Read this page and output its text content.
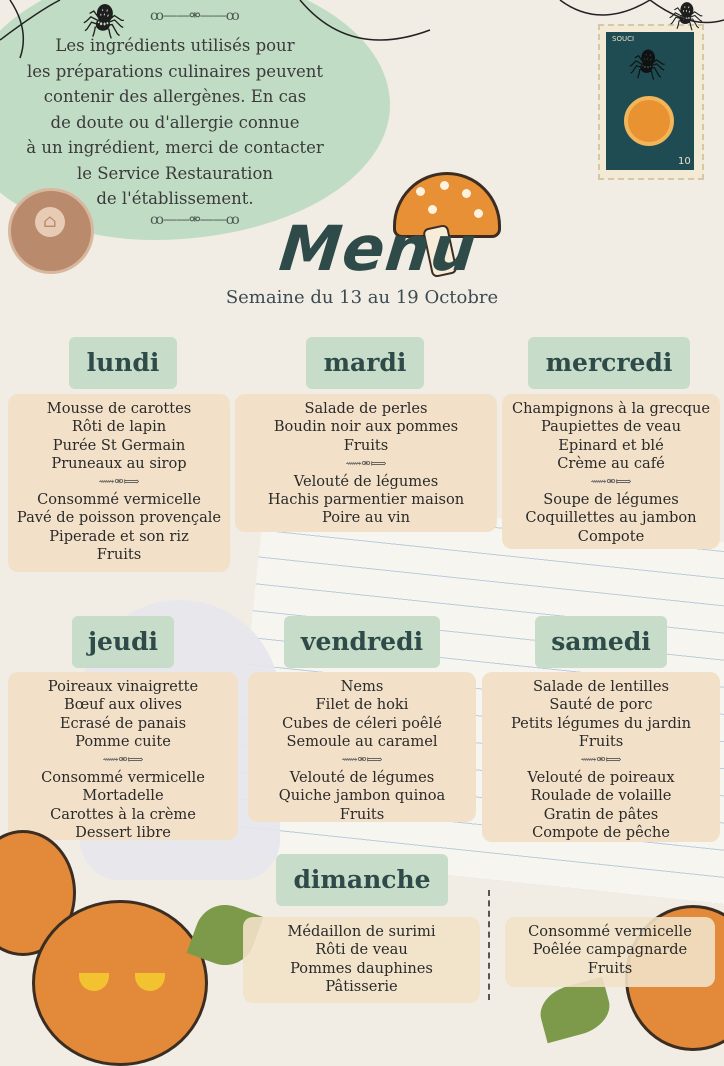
🕷 ꝏ——⚮——ꝏ
Les ingrédients utilisés pour
les préparations culinaires peuvent
contenir des allergènes. En cas
de doute ou d'allergie connue
à un ingrédient, merci de contacter
le Service Restauration
de l'établissement.
ꝏ——⚮——ꝏ
⌂
SOUCI
🕷
10
🕷
Menu
Semaine du 13 au 19 Octobre
lundi
Mousse de carottes
Rôti de lapin
Purée St Germain
Pruneaux au sirop
⟿⚮⟾
Consommé vermicelle
Pavé de poisson provençale
Piperade et son riz
Fruits
mardi
Salade de perles
Boudin noir aux pommes
Fruits
⟿⚮⟾
Velouté de légumes
Hachis parmentier maison
Poire au vin
mercredi
Champignons à la grecque
Paupiettes de veau
Epinard et blé
Crème au café
⟿⚮⟾
Soupe de légumes
Coquillettes au jambon
Compote
jeudi
Poireaux vinaigrette
Bœuf aux olives
Ecrasé de panais
Pomme cuite
⟿⚮⟾
Consommé vermicelle
Mortadelle
Carottes à la crème
Dessert libre
vendredi
Nems
Filet de hoki
Cubes de céleri poêlé
Semoule au caramel
⟿⚮⟾
Velouté de légumes
Quiche jambon quinoa
Fruits
samedi
Salade de lentilles
Sauté de porc
Petits légumes du jardin
Fruits
⟿⚮⟾
Velouté de poireaux
Roulade de volaille
Gratin de pâtes
Compote de pêche
dimanche
Médaillon de surimi
Rôti de veau
Pommes dauphines
Pâtisserie
Consommé vermicelle
Poêlée campagnarde
Fruits
